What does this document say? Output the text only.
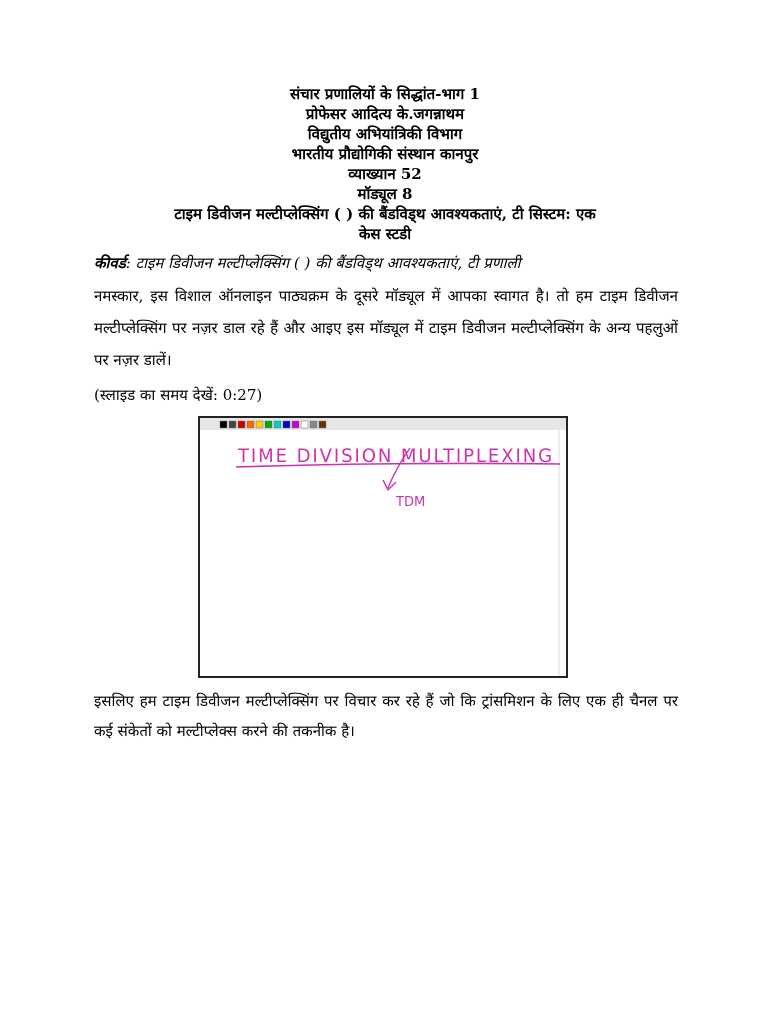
संचार प्रणालियों के सिद्धांत-भाग 1
प्रोफेसर आदित्य के.जगन्नाथम
विद्युतीय अभियांत्रिकी विभाग
भारतीय प्रौद्योगिकी संस्थान कानपुर
व्याख्यान 52
मॉड्यूल 8
टाइम डिवीजन मल्टीप्लेक्सिंग ( ) की बैंडविड्थ आवश्यकताएं, टी सिस्टम: एक
केस स्टडी
कीवर्ड: टाइम डिवीजन मल्टीप्लेक्सिंग ( ) की बैंडविड्थ आवश्यकताएं, टी प्रणाली
नमस्कार, इस विशाल ऑनलाइन पाठ्यक्रम के दूसरे मॉड्यूल में आपका स्वागत है। तो हम टाइम डिवीजन मल्टीप्लेक्सिंग पर नज़र डाल रहे हैं और आइए इस मॉड्यूल में टाइम डिवीजन मल्टीप्लेक्सिंग के अन्य पहलुओं पर नज़र डालें।
(स्लाइड का समय देखें: 0:27)
TIME DIVISION MULTIPLEXING
TDM
इसलिए हम टाइम डिवीजन मल्टीप्लेक्सिंग पर विचार कर रहे हैं जो कि ट्रांसमिशन के लिए एक ही चैनल पर कई संकेतों को मल्टीप्लेक्स करने की तकनीक है।
